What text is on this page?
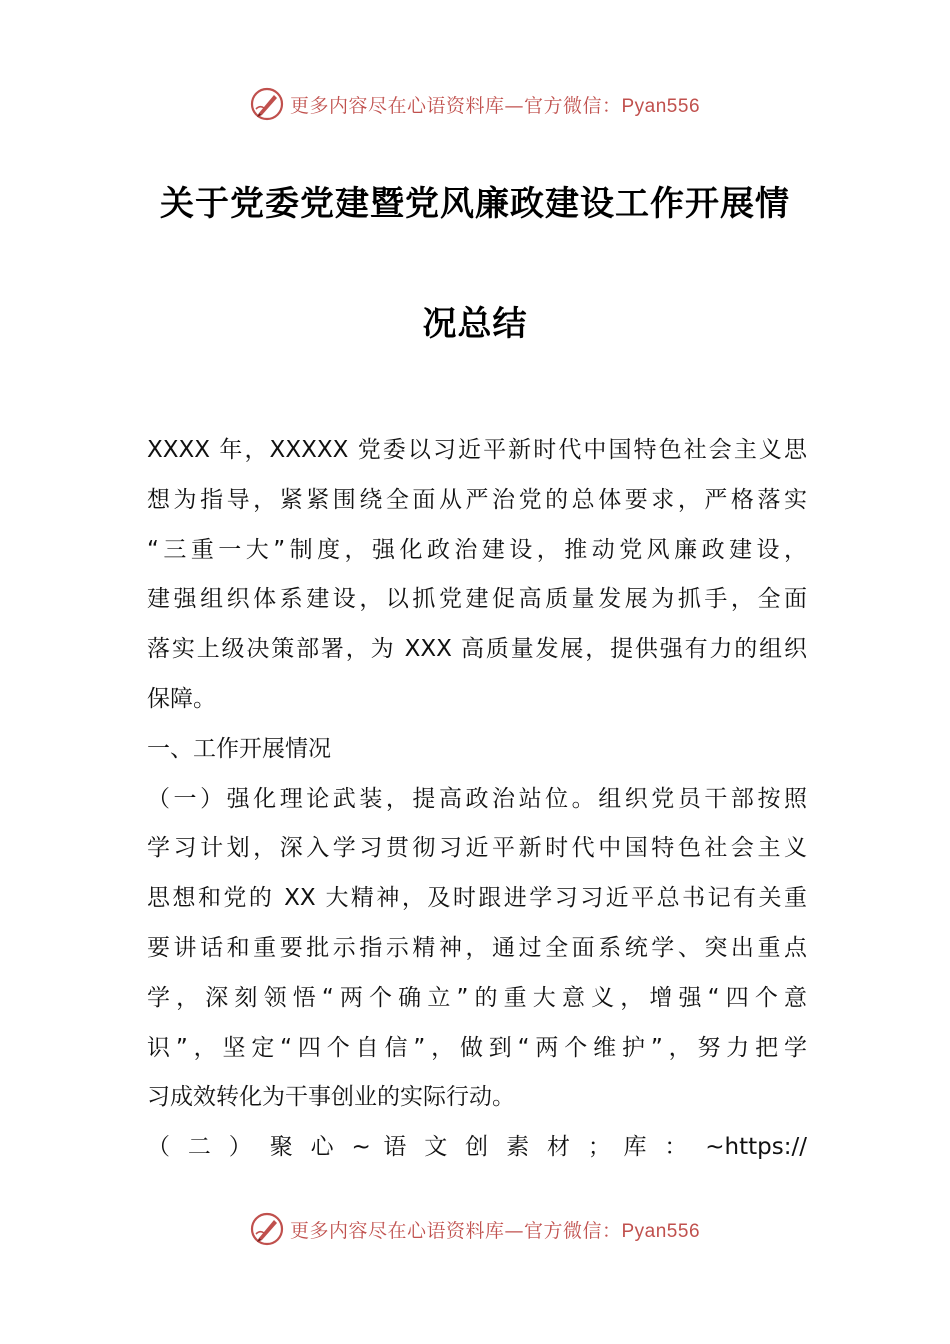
更多内容尽在心语资料库—官方微信：Pyan556
关于党委党建暨党风廉政建设工作开展情
况总结
XXXX 年，XXXXX 党委以习近平新时代中国特色社会主义思
想为指导，紧紧围绕全面从严治党的总体要求，严格落实
“三重一大”制度，强化政治建设，推动党风廉政建设，
建强组织体系建设，以抓党建促高质量发展为抓手，全面
落实上级决策部署，为 XXX 高质量发展，提供强有力的组织
保障。
一、工作开展情况
（一）强化理论武装，提高政治站位。组织党员干部按照
学习计划，深入学习贯彻习近平新时代中国特色社会主义
思想和党的 XX 大精神，及时跟进学习习近平总书记有关重
要讲话和重要批示指示精神，通过全面系统学、突出重点
学，深刻领悟“两个确立”的重大意义，增强“四个意
识”，坚定“四个自信”，做到“两个维护”，努力把学
习成效转化为干事创业的实际行动。
（ 二 ） 聚 心 ~ 语 文 创 素 材 ； 库 ： ~https://
更多内容尽在心语资料库—官方微信：Pyan556
